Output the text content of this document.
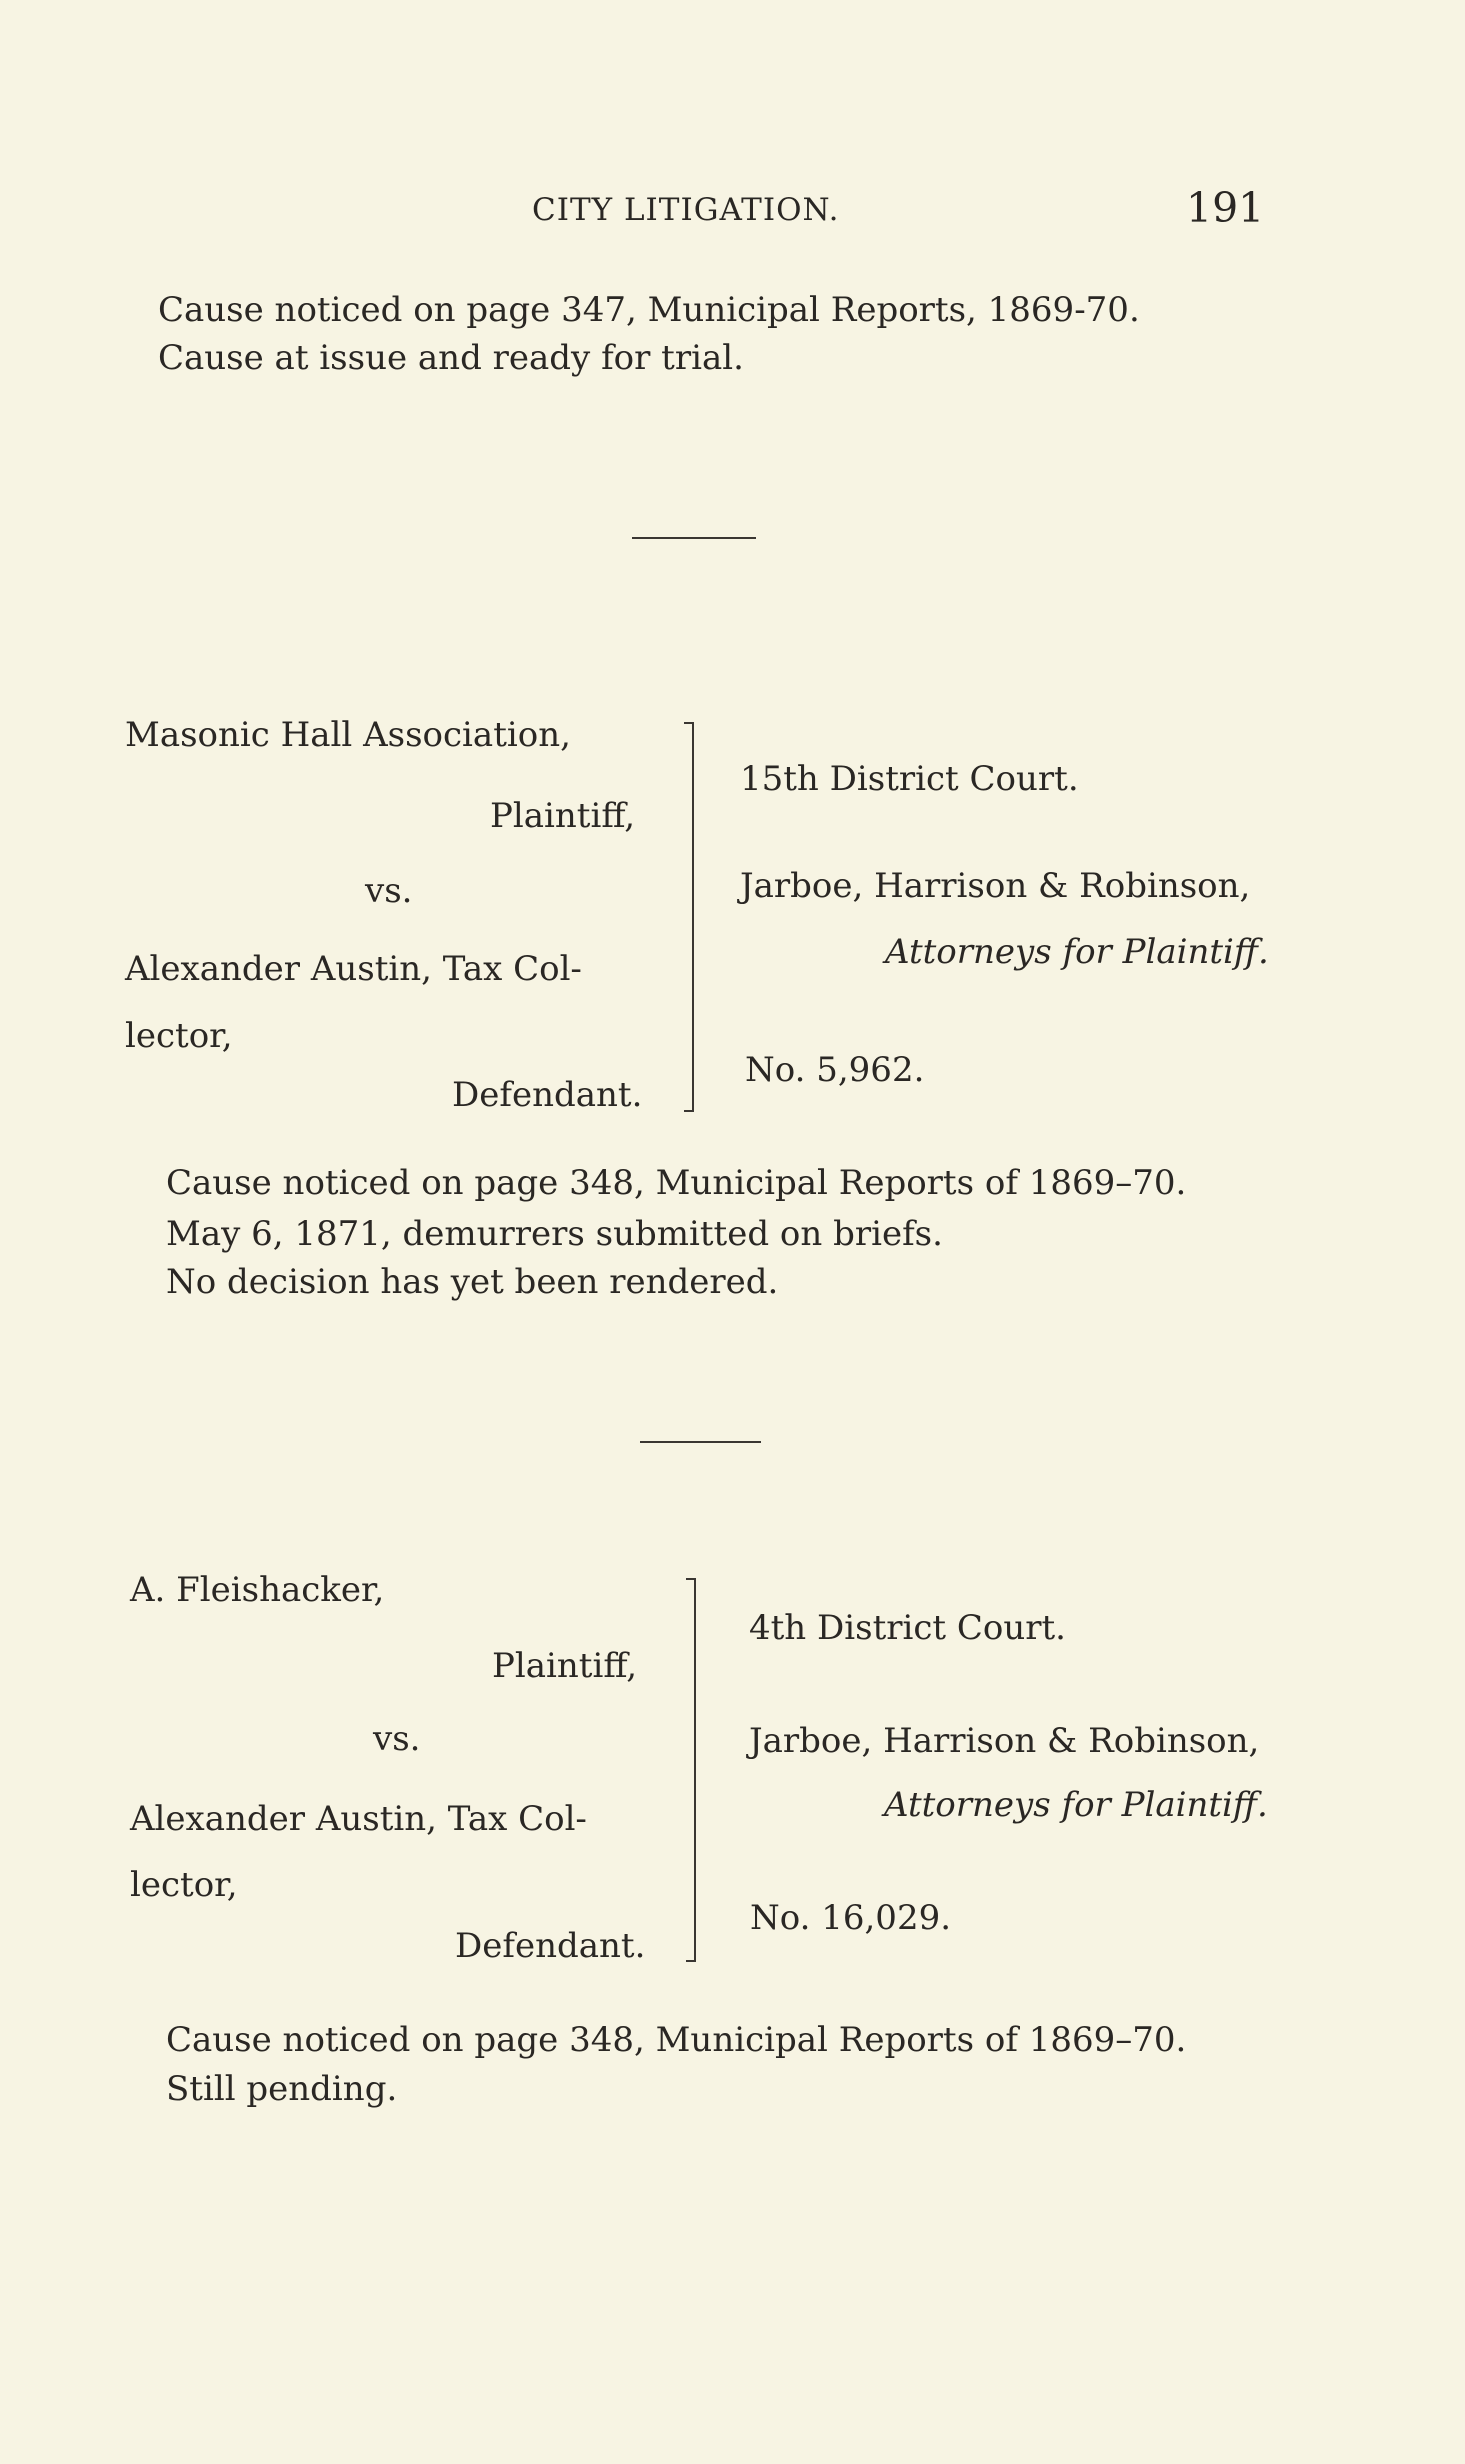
CITY LITIGATION.	191
Cause noticed on page 347, Municipal Reports, 1869-70.
Cause at issue and ready for trial.
Masonic Hall Association,
Plaintiff,
vs.
Alexander Austin, Tax Col-
lector,
Defendant.
15th District Court.
Jarboe, Harrison & Robinson,
Attorneys for Plaintiff.
No. 5,962.
Cause noticed on page 348, Municipal Reports of 1869–70.
May 6, 1871, demurrers submitted on briefs.
No decision has yet been rendered.
A. Fleishacker,
Plaintiff,
vs.
Alexander Austin, Tax Col-
lector,
Defendant.
4th District Court.
Jarboe, Harrison & Robinson,
Attorneys for Plaintiff.
No. 16,029.
Cause noticed on page 348, Municipal Reports of 1869–70.
Still pending.
